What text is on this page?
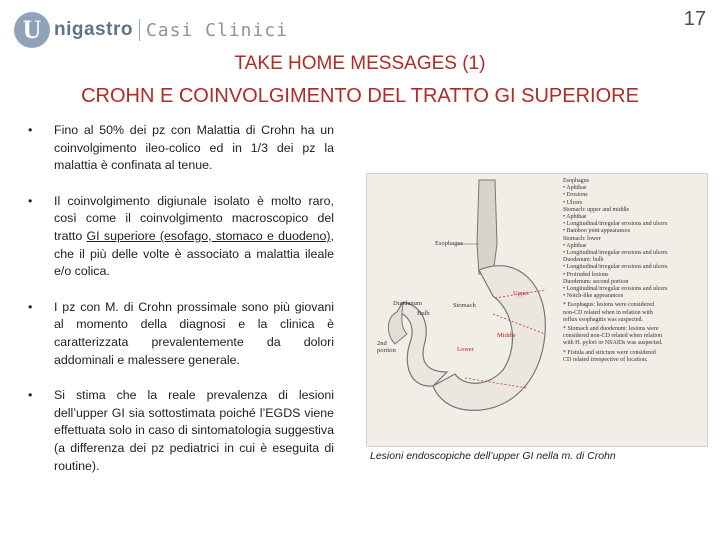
U nigastro Casi Clinici	17
TAKE HOME MESSAGES (1)
CROHN E COINVOLGIMENTO DEL TRATTO GI SUPERIORE
• Fino al 50% dei pz con Malattia di Crohn ha un coinvolgimento ileo-colico ed in 1/3 dei pz la malattia è confinata al tenue.
• Il coinvolgimento digiunale isolato è molto raro, così come il coinvolgimento macroscopico del tratto GI superiore (esofago, stomaco e duodeno), che il più delle volte è associato a malattia ileale e/o colica.
• I pz con M. di Crohn prossimale sono più giovani al momento della diagnosi e la clinica è caratterizzata prevalentemente da dolori addominali e malessere generale.
• Si stima che la reale prevalenza di lesioni dell’upper GI sia sottostimata poiché l’EGDS viene effettuata solo in caso di sintomatologia suggestiva (a differenza dei pz pediatrici in cui è eseguita di routine).
Esophagus
Duodenum
Bulb
Stomach
Upper
Middle
Lower
2nd portion
Esophagus
• Aphthae
• Erosions
• Ulcers
Stomach: upper and middle
• Aphthae
• Longitudinal/irregular erosions and ulcers
• Bamboo joint appearances
Stomach: lower
• Aphthae
• Longitudinal/irregular erosions and ulcers
Duodenum: bulb
• Longitudinal/irregular erosions and ulcers
• Protruded lesions
Duodenum: second portion
• Longitudinal/irregular erosions and ulcers
• Notch-like appearances
* Esophagus: lesions were considered
non-CD related when in relation with
reflux esophagitis was suspected.
* Stomach and duodenum: lesions were
considered non-CD related when relation
with H. pylori or NSAIDs was suspected.
* Fistula and stricture were considered
CD related irrespective of location.
Lesioni endoscopiche dell’upper GI nella m. di Crohn
